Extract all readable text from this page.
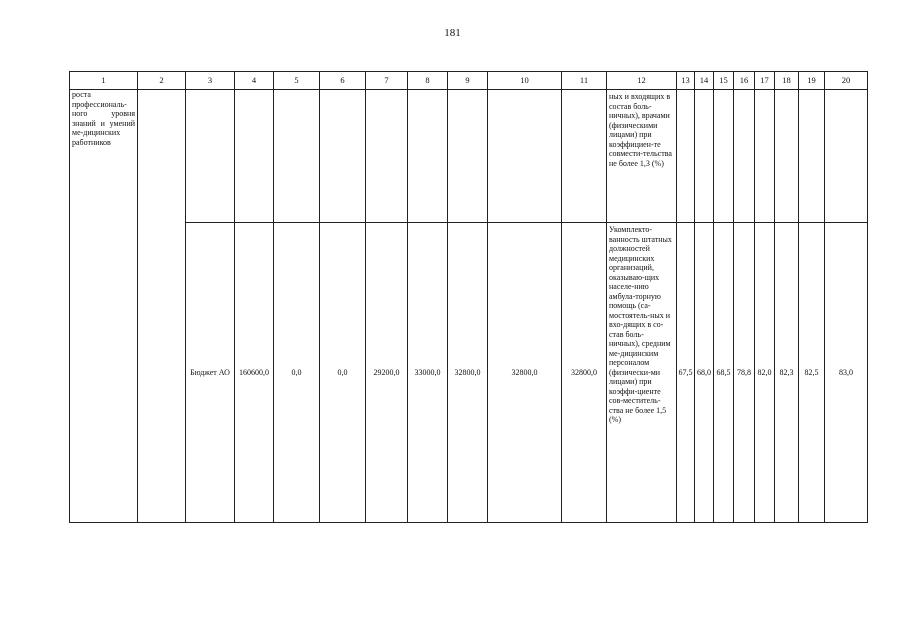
181
1	2	3	4	5	6	7	8	9	10	11	12	13	14	15	16	17	18	19	20
роста профессиональ-ного уровня знаний и умений ме-дицинских работников											ных и входящих в состав боль-ничных), врачами (физическими лицами) при коэффициен-те совмести-тельства не более 1,3 (%)								
		Бюджет АО	160600,0	0,0	0,0	29200,0	33000,0	32800,0	32800,0	32800,0	Укомплекто-ванность штатных должностей медицинских организаций, оказываю-щих населе-нию амбула-торную помощь (са-мостоятель-ных и вхо-дящих в со-став боль-ничных), средним ме-дицинским персоналом (физически-ми лицами) при коэффи-циенте сов-меститель-ства не более 1,5 (%)	67,5	68,0	68,5	78,8	82,0	82,3	82,5	83,0
